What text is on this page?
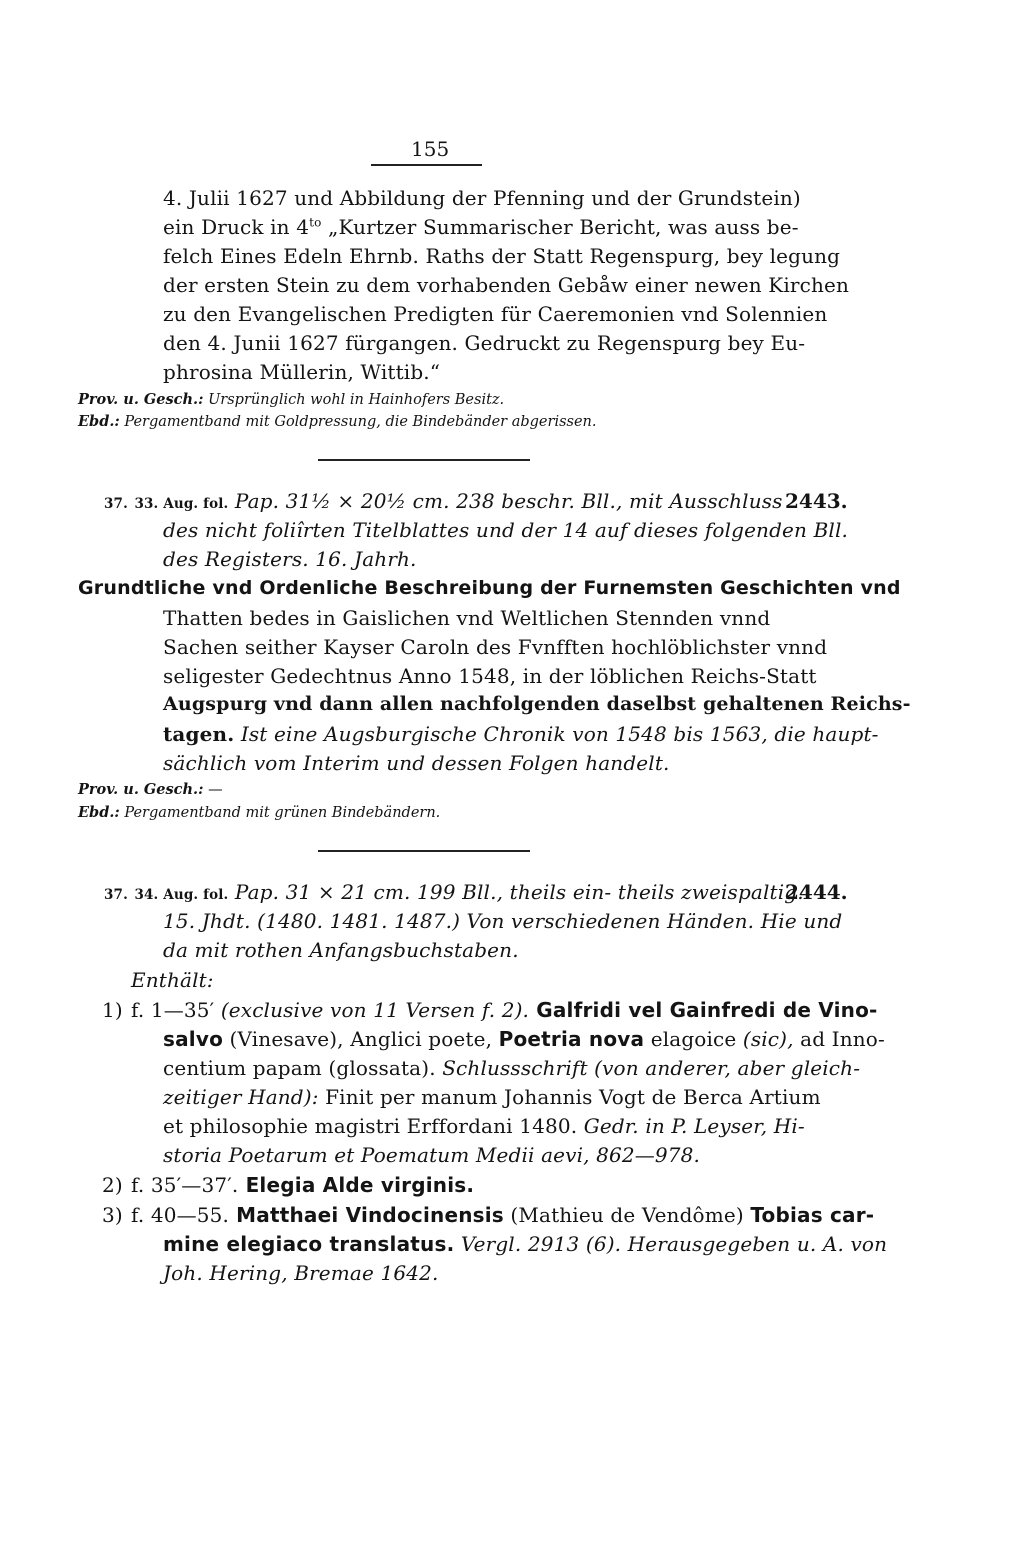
155
4. Julii 1627 und Abbildung der Pfenning und der Grundstein)
ein Druck in $4^{to}$ „Kurtzer Summarischer Bericht, was auss be-
felch Eines Edeln Ehrnb. Raths der Statt Regenspurg, bey legung
der ersten Stein zu dem vorhabenden Gebåw einer newen Kirchen
zu den Evangelischen Predigten für Caeremonien vnd Solennien
den 4. Junii 1627 fürgangen. Gedruckt zu Regenspurg bey Eu-
phrosina Müllerin, Wittib.“
Prov. u. Gesch.: Ursprünglich wohl in Hainhofers Besitz.
Ebd.: Pergamentband mit Goldpressung, die Bindebänder abgerissen.
37. 33. Aug. fol. Pap. 31½ × 20½ cm. 238 beschr. Bll., mit Ausschluss 2443.
des nicht foliîrten Titelblattes und der 14 auf dieses folgenden Bll.
des Registers. 16. Jahrh.
Grundtliche vnd Ordenliche Beschreibung der Furnemsten Geschichten vnd
Thatten bedes in Gaislichen vnd Weltlichen Stennden vnnd
Sachen seither Kayser Caroln des Fvnfften hochlöblichster vnnd
seligester Gedechtnus Anno 1548, in der löblichen Reichs-Statt
Augspurg vnd dann allen nachfolgenden daselbst gehaltenen Reichs-
tagen. Ist eine Augsburgische Chronik von 1548 bis 1563, die haupt-
sächlich vom Interim und dessen Folgen handelt.
Prov. u. Gesch.: —
Ebd.: Pergamentband mit grünen Bindebändern.
37. 34. Aug. fol. Pap. 31 × 21 cm. 199 Bll., theils ein- theils zweispaltig.
2444.
15. Jhdt. (1480. 1481. 1487.) Von verschiedenen Händen. Hie und
da mit rothen Anfangsbuchstaben.
Enthält:
1) f. 1—35′ (exclusive von 11 Versen f. 2). Galfridi vel Gainfredi de Vino-
salvo (Vinesave), Anglici poete, Poetria nova elagoice (sic), ad Inno-
centium papam (glossata). Schlussschrift (von anderer, aber gleich-
zeitiger Hand): Finit per manum Johannis Vogt de Berca Artium
et philosophie magistri Erffordani 1480. Gedr. in P. Leyser, Hi-
storia Poetarum et Poematum Medii aevi, 862—978.
2) f. 35′—37′. Elegia Alde virginis.
3) f. 40—55. Matthaei Vindocinensis (Mathieu de Vendôme) Tobias car-
mine elegiaco translatus. Vergl. 2913 (6). Herausgegeben u. A. von
Joh. Hering, Bremae 1642.
